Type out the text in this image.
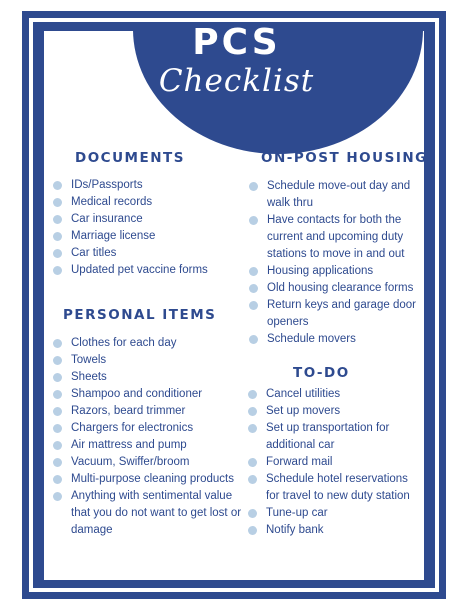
PCS
Checklist
DOCUMENTS
IDs/Passports
Medical records
Car insurance
Marriage license
Car titles
Updated pet vaccine forms
PERSONAL ITEMS
Clothes for each day
Towels
Sheets
Shampoo and conditioner
Razors, beard trimmer
Chargers for electronics
Air mattress and pump
Vacuum, Swiffer/broom
Multi-purpose cleaning products
Anything with sentimental value that you do not want to get lost or damage
ON-POST HOUSING
Schedule move-out day and walk thru
Have contacts for both the current and upcoming duty stations to move in and out
Housing applications
Old housing clearance forms
Return keys and garage door openers
Schedule movers
TO-DO
Cancel utilities
Set up movers
Set up transportation for additional car
Forward mail
Schedule hotel reservations for travel to new duty station
Tune-up car
Notify bank
